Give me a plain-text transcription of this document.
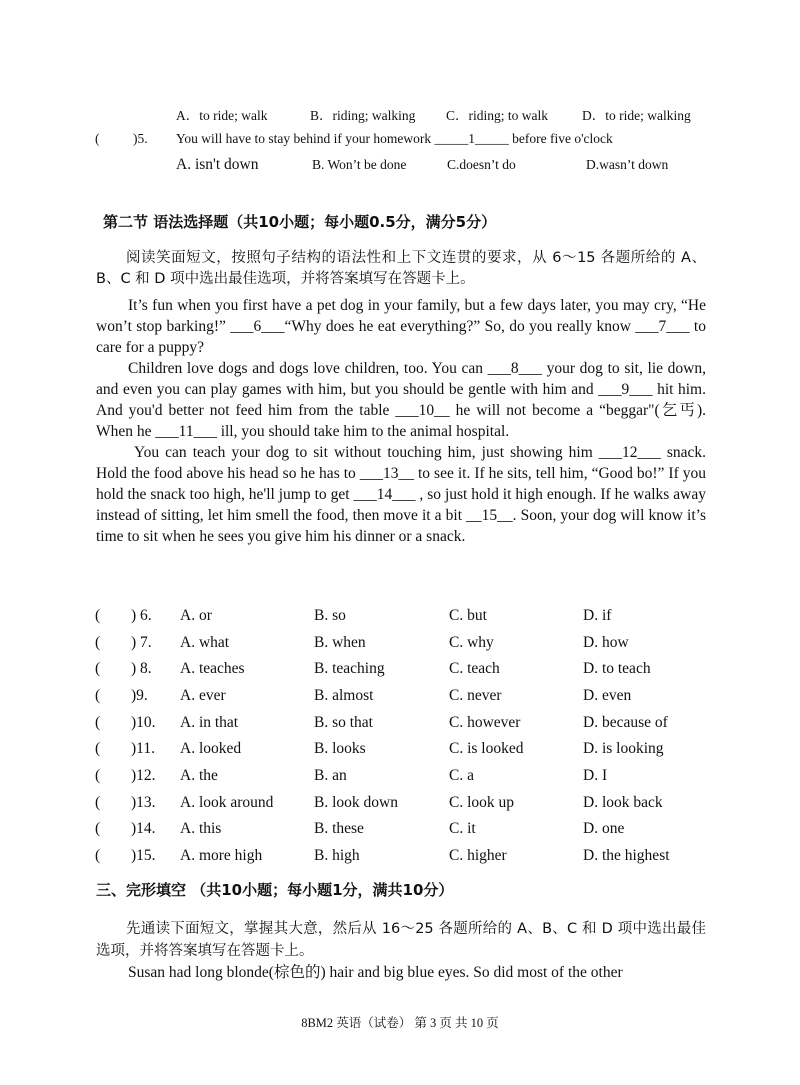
A．to ride; walk	B．riding; walking C．riding; to walk	D．to ride; walking
( )5. You will have to stay behind if your homework _____1_____ before five o'clock
A. isn't down	B. Won’t be done	C.doesn’t do	D.wasn’t down
第二节 语法选择题（共10小题；每小题0.5分，满分5分）
阅读笑面短文，按照句子结构的语法性和上下文连贯的要求，从 6～15 各题所给的 A、B、C 和 D 项中选出最佳选项，并将答案填写在答题卡上。
It’s fun when you first have a pet dog in your family, but a few days later, you may cry, “He won’t stop barking!” ___6___“Why does he eat everything?” So, do you really know ___7___ to care for a puppy?
Children love dogs and dogs love children, too. You can ___8___ your dog to sit, lie down, and even you can play games with him, but you should be gentle with him and ___9___ hit him. And you'd better not feed him from the table ___10__ he will not become a “beggar"(乞丐). When he ___11___ ill, you should take him to the animal hospital.
You can teach your dog to sit without touching him, just showing him ___12___ snack. Hold the food above his head so he has to ___13__ to see it. If he sits, tell him, “Good bo!” If you hold the snack too high, he'll jump to get ___14___ , so just hold it high enough. If he walks away instead of sitting, let him smell the food, then move it a bit __15__. Soon, your dog will know it’s time to sit when he sees you give him his dinner or a snack.
( ) 6. A. or	B. so	C. but	D. if
( ) 7. A. what	B. when	C. why	D. how
( ) 8. A. teaches	B. teaching	C. teach	D. to teach
( )9. A. ever	B. almost	C. never	D. even
( )10. A. in that	B. so that	C. however	D. because of
( )11. A. looked	B. looks	C. is looked	D. is looking
( )12. A. the	B. an	C. a	D. I
( )13. A. look around	B. look down	C. look up	D. look back
( )14. A. this	B. these	C. it	D. one
( )15. A. more high	B. high	C. higher	D. the highest
三、完形填空 （共10小题；每小题1分，满共10分）
先通读下面短文，掌握其大意，然后从 16～25 各题所给的 A、B、C 和 D 项中选出最佳选项，并将答案填写在答题卡上。
Susan had long blonde(棕色的) hair and big blue eyes. So did most of the other
8BM2 英语（试卷） 第 3 页 共 10 页
